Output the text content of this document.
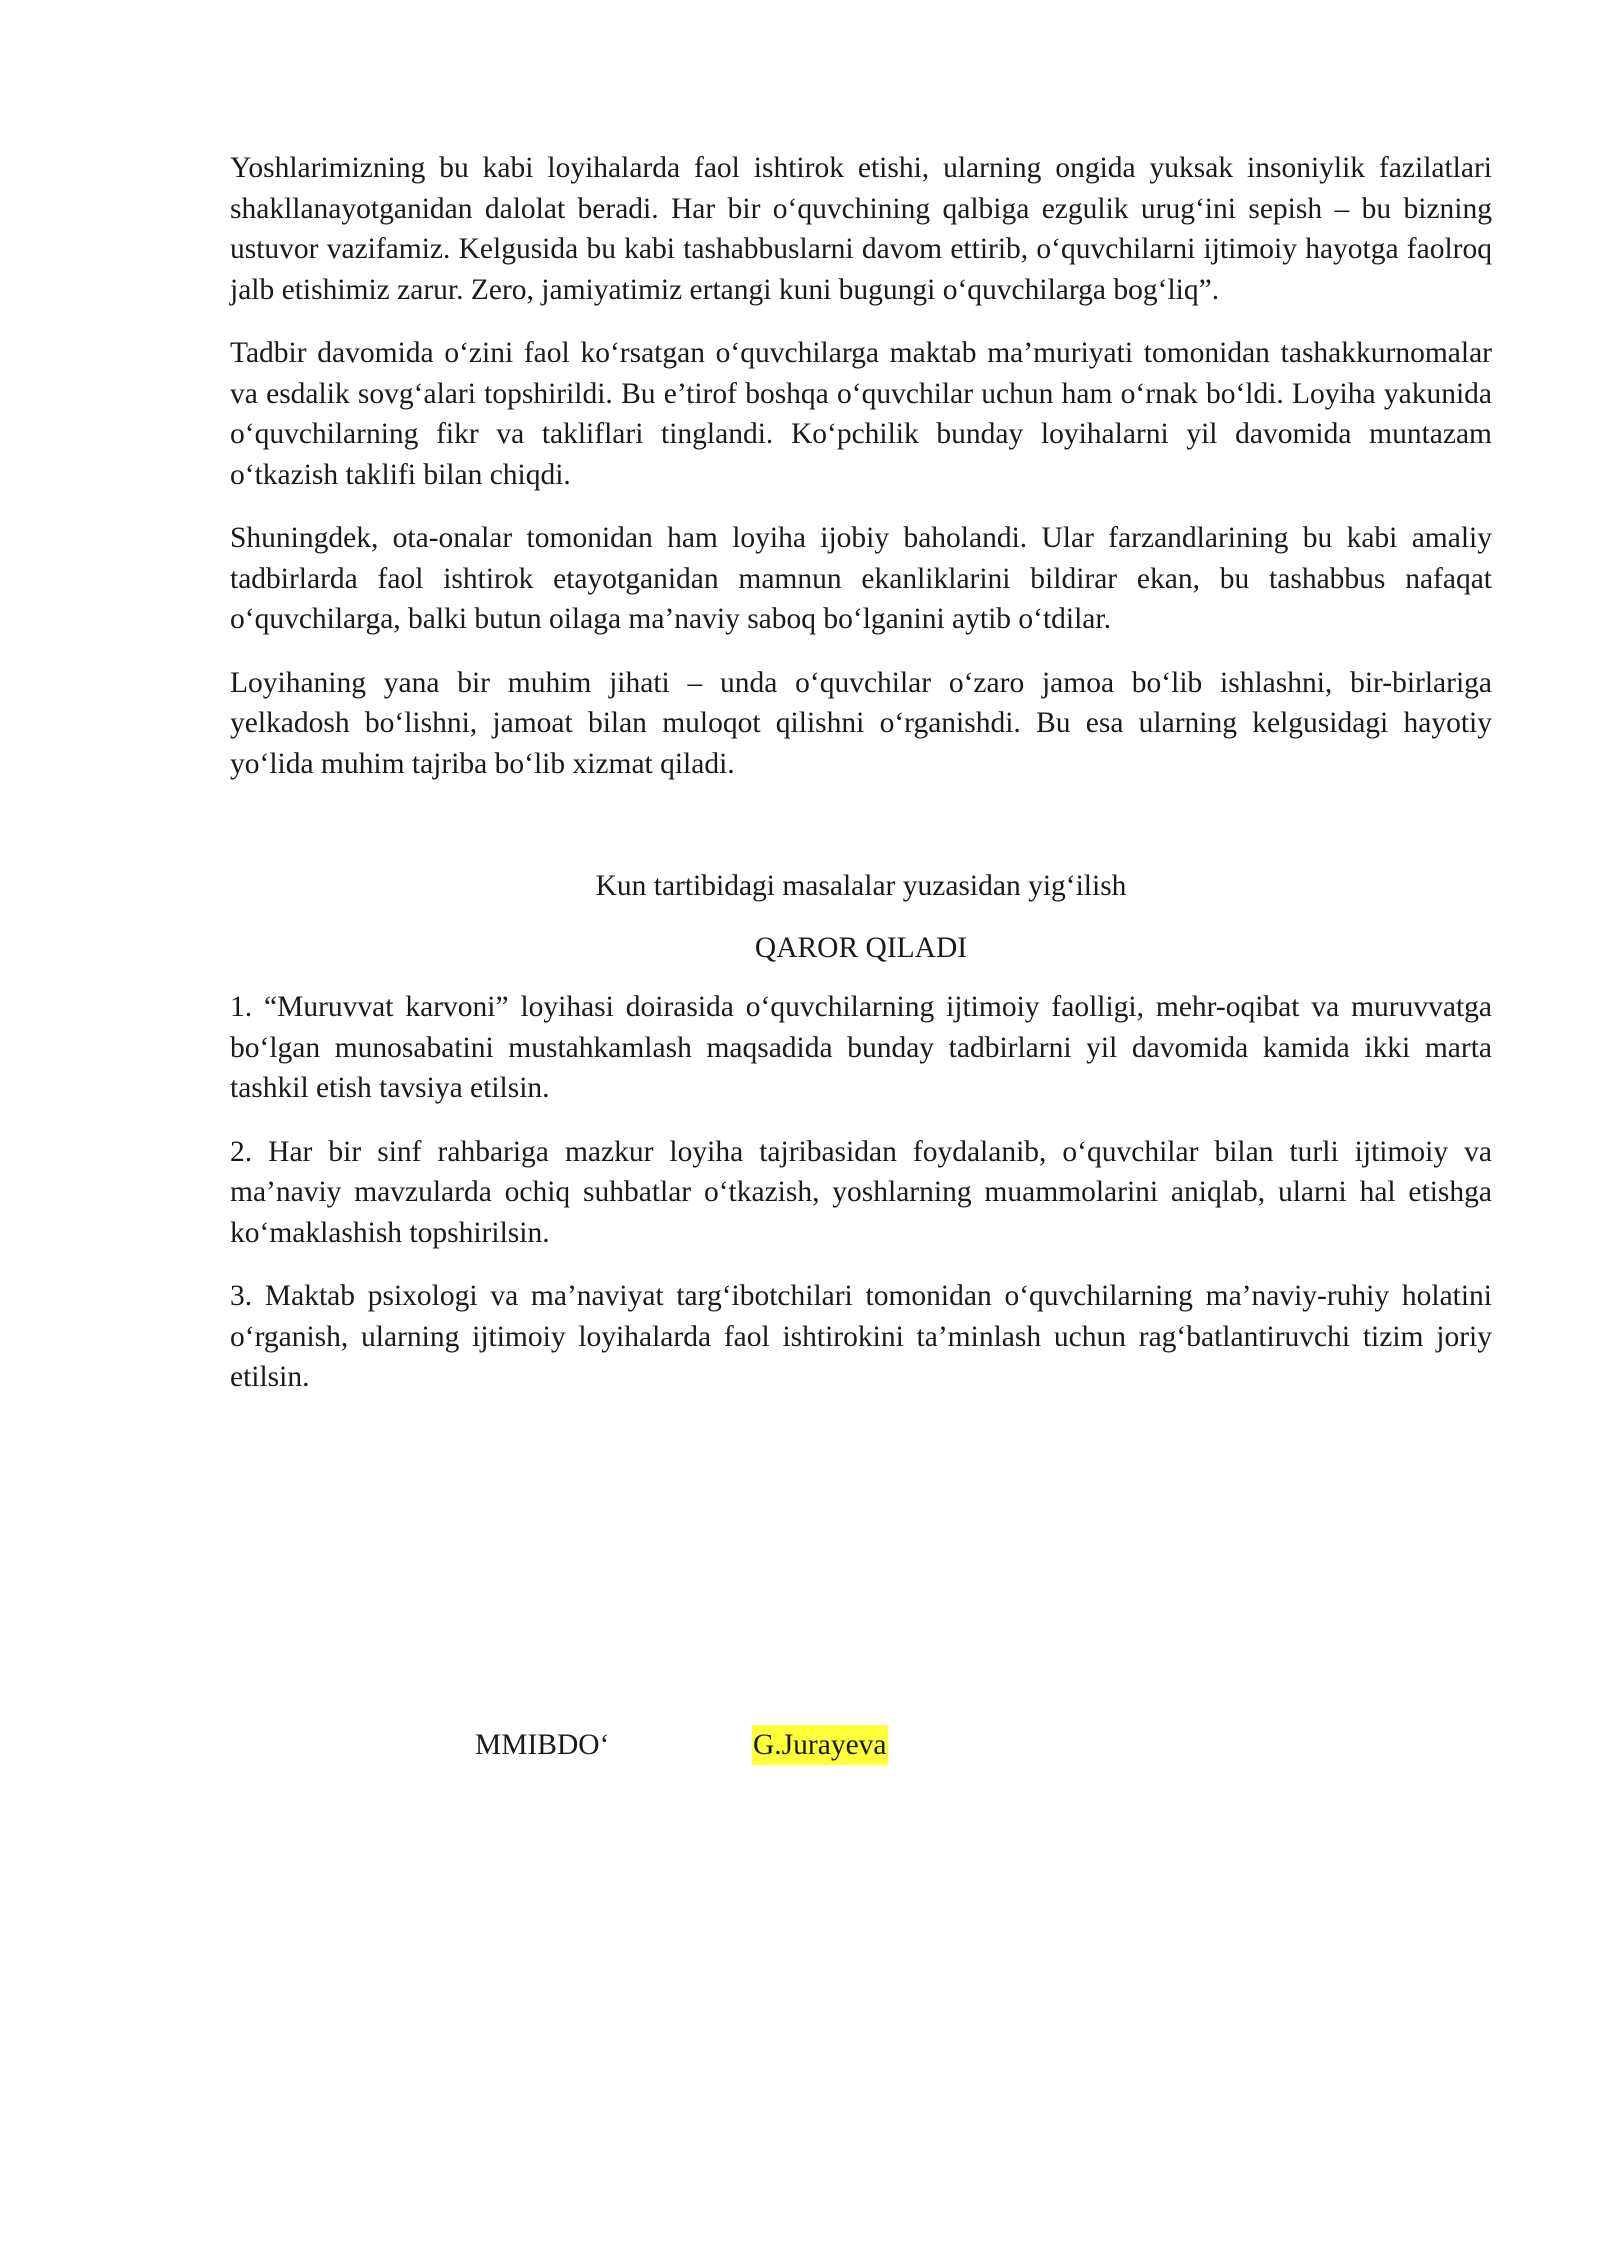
Yoshlarimizning bu kabi loyihalarda faol ishtirok etishi, ularning ongida yuksak insoniylik fazilatlari shakllanayotganidan dalolat beradi. Har bir o‘quvchining qalbiga ezgulik urug‘ini sepish – bu bizning ustuvor vazifamiz. Kelgusida bu kabi tashabbuslarni davom ettirib, o‘quvchilarni ijtimoiy hayotga faolroq jalb etishimiz zarur. Zero, jamiyatimiz ertangi kuni bugungi o‘quvchilarga bog‘liq”.

Tadbir davomida o‘zini faol ko‘rsatgan o‘quvchilarga maktab ma’muriyati tomonidan tashakkurnomalar va esdalik sovg‘alari topshirildi. Bu e’tirof boshqa o‘quvchilar uchun ham o‘rnak bo‘ldi. Loyiha yakunida o‘quvchilarning fikr va takliflari tinglandi. Ko‘pchilik bunday loyihalarni yil davomida muntazam o‘tkazish taklifi bilan chiqdi.

Shuningdek, ota-onalar tomonidan ham loyiha ijobiy baholandi. Ular farzandlarining bu kabi amaliy tadbirlarda faol ishtirok etayotganidan mamnun ekanliklarini bildirar ekan, bu tashabbus nafaqat o‘quvchilarga, balki butun oilaga ma’naviy saboq bo‘lganini aytib o‘tdilar.

Loyihaning yana bir muhim jihati – unda o‘quvchilar o‘zaro jamoa bo‘lib ishlashni, bir-birlariga yelkadosh bo‘lishni, jamoat bilan muloqot qilishni o‘rganishdi. Bu esa ularning kelgusidagi hayotiy yo‘lida muhim tajriba bo‘lib xizmat qiladi.

Kun tartibidagi masalalar yuzasidan yig‘ilish

QAROR QILADI

1. “Muruvvat karvoni” loyihasi doirasida o‘quvchilarning ijtimoiy faolligi, mehr-oqibat va muruvvatga bo‘lgan munosabatini mustahkamlash maqsadida bunday tadbirlarni yil davomida kamida ikki marta tashkil etish tavsiya etilsin.

2. Har bir sinf rahbariga mazkur loyiha tajribasidan foydalanib, o‘quvchilar bilan turli ijtimoiy va ma’naviy mavzularda ochiq suhbatlar o‘tkazish, yoshlarning muammolarini aniqlab, ularni hal etishga ko‘maklashish topshirilsin.

3. Maktab psixologi va ma’naviyat targ‘ibotchilari tomonidan o‘quvchilarning ma’naviy-ruhiy holatini o‘rganish, ularning ijtimoiy loyihalarda faol ishtirokini ta’minlash uchun rag‘batlantiruvchi tizim joriy etilsin.

MMIBDO‘	G.Jurayeva
